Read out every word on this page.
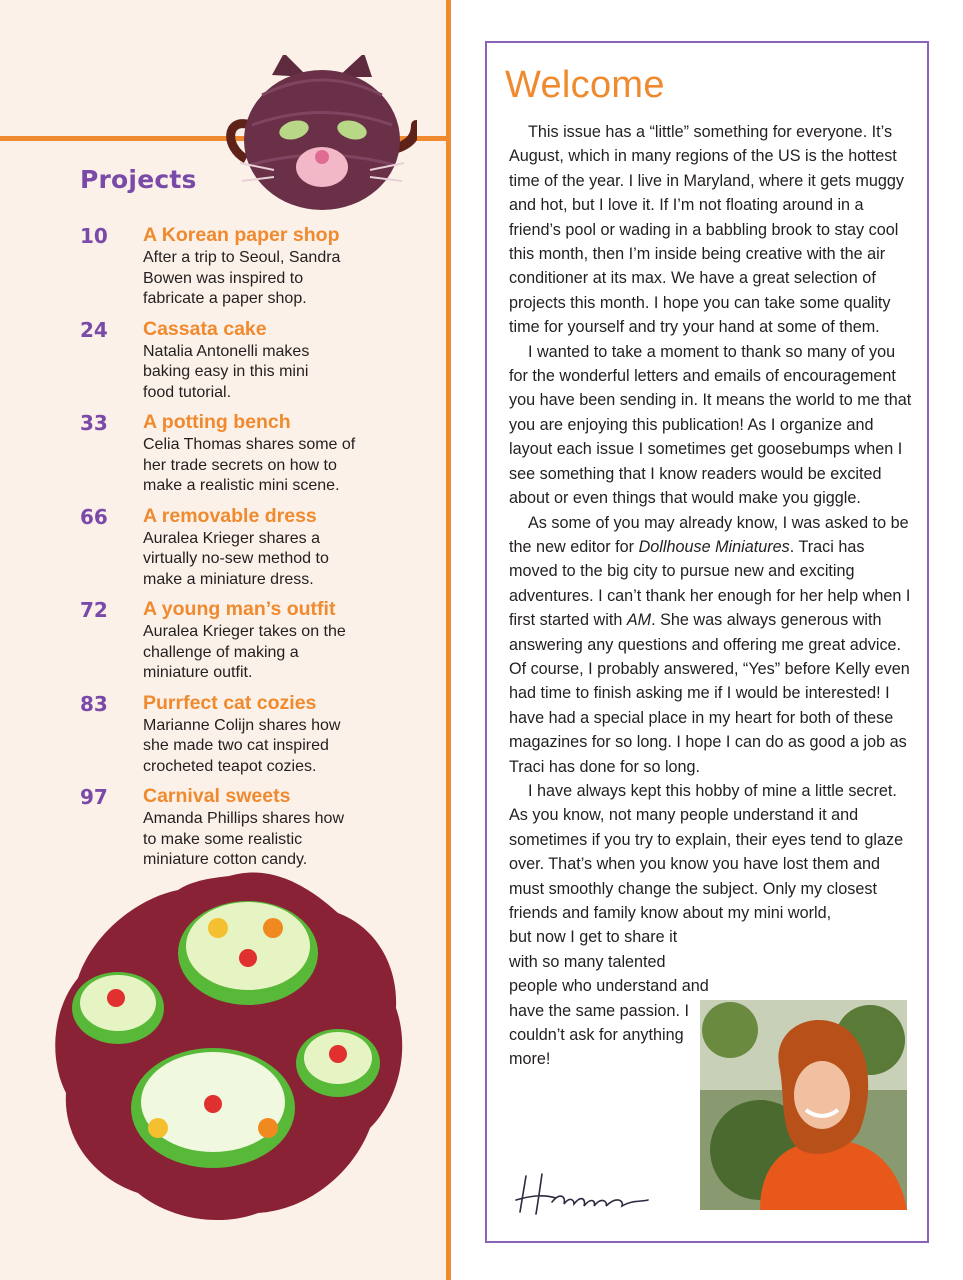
Projects
10 A Korean paper shop
After a trip to Seoul, Sandra
Bowen was inspired to
fabricate a paper shop.
24 Cassata cake
Natalia Antonelli makes
baking easy in this mini
food tutorial.
33 A potting bench
Celia Thomas shares some of
her trade secrets on how to
make a realistic mini scene.
66 A removable dress
Auralea Krieger shares a
virtually no-sew method to
make a miniature dress.
72 A young man’s outfit
Auralea Krieger takes on the
challenge of making a
miniature outfit.
83 Purrfect cat cozies
Marianne Colijn shares how
she made two cat inspired
crocheted teapot cozies.
97 Carnival sweets
Amanda Phillips shares how
to make some realistic
miniature cotton candy.
Welcome

This issue has a “little” something for everyone. It’s August, which in many regions of the US is the hottest time of the year. I live in Maryland, where it gets muggy and hot, but I love it. If I’m not floating around in a friend’s pool or wading in a babbling brook to stay cool this month, then I’m inside being creative with the air conditioner at its max. We have a great selection of projects this month. I hope you can take some quality time for yourself and try your hand at some of them.

I wanted to take a moment to thank so many of you for the wonderful letters and emails of encouragement you have been sending in. It means the world to me that you are enjoying this publication! As I organize and layout each issue I sometimes get goosebumps when I see something that I know readers would be excited about or even things that would make you giggle.

As some of you may already know, I was asked to be the new editor for Dollhouse Miniatures. Traci has moved to the big city to pursue new and exciting adventures. I can’t thank her enough for her help when I first started with AM. She was always generous with answering any questions and offering me great advice. Of course, I probably answered, “Yes” before Kelly even had time to finish asking me if I would be interested! I have had a special place in my heart for both of these magazines for so long. I hope I can do as good a job as Traci has done for so long.

I have always kept this hobby of mine a little secret. As you know, not many people understand it and sometimes if you try to explain, their eyes tend to glaze over. That’s when you know you have lost them and must smoothly change the subject. Only my closest friends and family know about my mini world,

but now I get to share it with so many talented people who understand and have the same passion. I couldn’t ask for anything more!
